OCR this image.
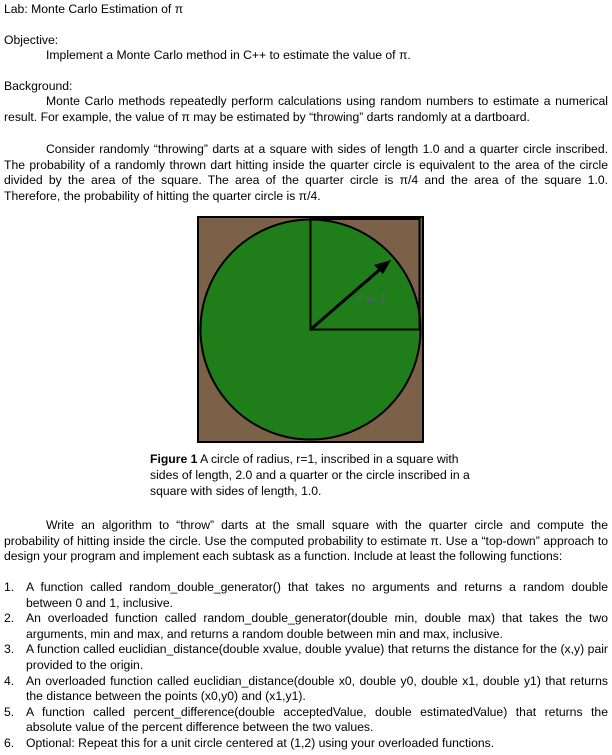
Lab: Monte Carlo Estimation of π
Objective:
Implement a Monte Carlo method in C++ to estimate the value of π.
Background:

Monte Carlo methods repeatedly perform calculations using random numbers to estimate a numerical result. For example, the value of π may be estimated by “throwing” darts randomly at a dartboard.

Consider randomly “throwing” darts at a square with sides of length 1.0 and a quarter circle inscribed. The probability of a randomly thrown dart hitting inside the quarter circle is equivalent to the area of the circle divided by the area of the square. The area of the quarter circle is π/4 and the area of the square 1.0. Therefore, the probability of hitting the quarter circle is π/4.

r = 1
Figure 1 A circle of radius, r=1, inscribed in a square with sides of length, 2.0 and a quarter or the circle inscribed in a square with sides of length, 1.0.

Write an algorithm to “throw” darts at the small square with the quarter circle and compute the probability of hitting inside the circle. Use the computed probability to estimate π. Use a “top-down” approach to design your program and implement each subtask as a function. Include at least the following functions:

1. A function called random_double_generator() that takes no arguments and returns a random double between 0 and 1, inclusive.
2. An overloaded function called random_double_generator(double min, double max) that takes the two arguments, min and max, and returns a random double between min and max, inclusive.
3. A function called euclidian_distance(double xvalue, double yvalue) that returns the distance for the (x,y) pair provided to the origin.
4. An overloaded function called euclidian_distance(double x0, double y0, double x1, double y1) that returns the distance between the points (x0,y0) and (x1,y1).
5. A function called percent_difference(double acceptedValue, double estimatedValue) that returns the absolute value of the percent difference between the two values.
6. Optional: Repeat this for a unit circle centered at (1,2) using your overloaded functions.
